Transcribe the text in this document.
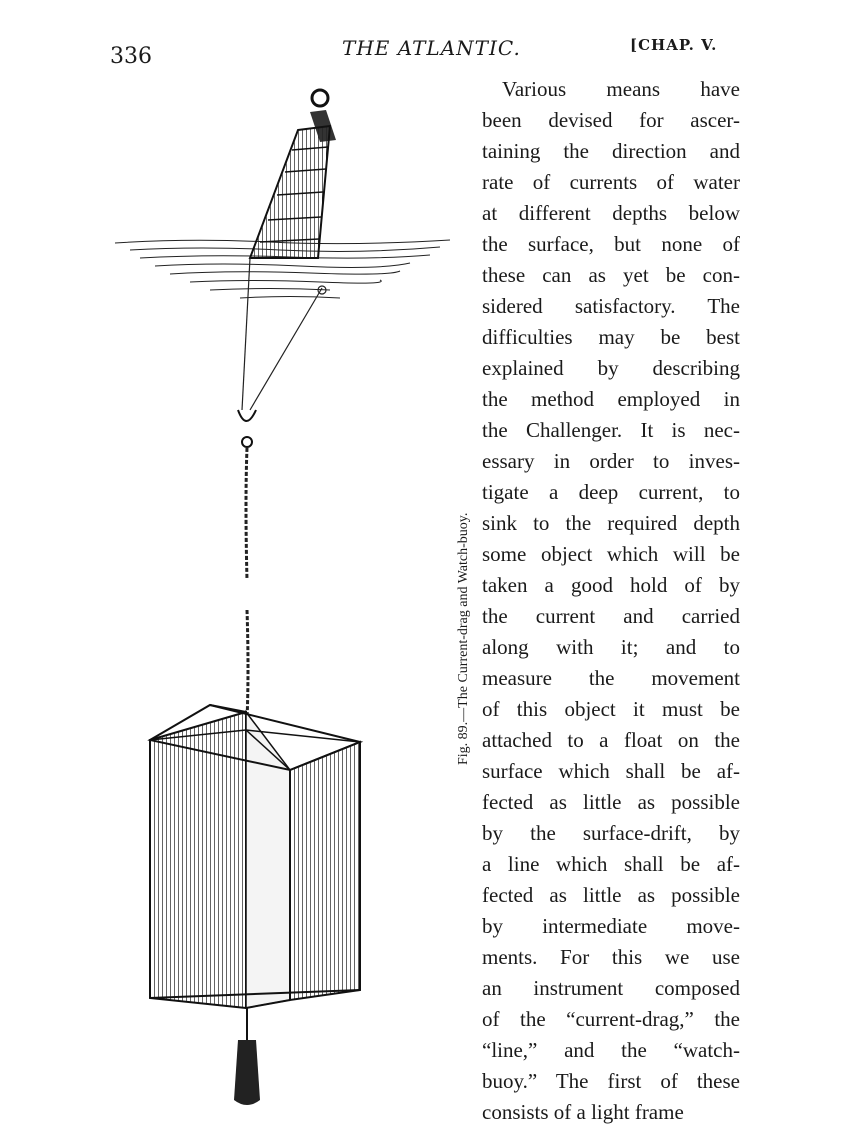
336	THE ATLANTIC.	[CHAP. V.
Fig. 89.—The Current-drag and Watch-buoy.
Various means have
been devised for ascer-
taining the direction and
rate of currents of water
at different depths below
the surface, but none of
these can as yet be con-
sidered satisfactory. The
difficulties may be best
explained by describing
the method employed in
the Challenger. It is nec-
essary in order to inves-
tigate a deep current, to
sink to the required depth
some object which will be
taken a good hold of by
the current and carried
along with it; and to
measure the movement
of this object it must be
attached to a float on the
surface which shall be af-
fected as little as possible
by the surface-drift, by
a line which shall be af-
fected as little as possible
by intermediate move-
ments. For this we use
an instrument composed
of the “current-drag,” the
“line,” and the “watch-
buoy.” The first of these
consists of a light frame
